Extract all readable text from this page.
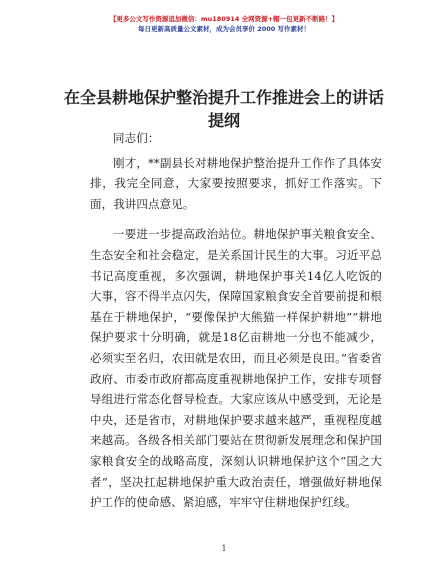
【更多公文写作资源追加微信：mu180914 全网资源+帽一包更新不断路！】
每日更新高质量公文素材，成为会员享价 2000 写作素材！
在全县耕地保护整治提升工作推进会上的讲话提纲

同志们：

刚才，**副县长对耕地保护整治提升工作作了具体安排，我完全同意，大家要按照要求，抓好工作落实。下面，我讲四点意见。

一要进一步提高政治站位。耕地保护事关粮食安全、生态安全和社会稳定，是关系国计民生的大事。习近平总书记高度重视，多次强调，耕地保护事关14亿人吃饭的大事，容不得半点闪失，保障国家粮食安全首要前提和根基在于耕地保护，“要像保护大熊猫一样保护耕地”“耕地保护要求十分明确，就是18亿亩耕地一分也不能减少，必须实至名归，农田就是农田，而且必须是良田。”省委省政府、市委市政府都高度重视耕地保护工作，安排专项督导组进行常态化督导检查。大家应该从中感受到，无论是中央，还是省市，对耕地保护要求越来越严，重视程度越来越高。各级各相关部门要站在贯彻新发展理念和保护国家粮食安全的战略高度，深刻认识耕地保护这个“国之大者”，坚决扛起耕地保护重大政治责任，增强做好耕地保护工作的使命感、紧迫感，牢牢守住耕地保护红线。

1
